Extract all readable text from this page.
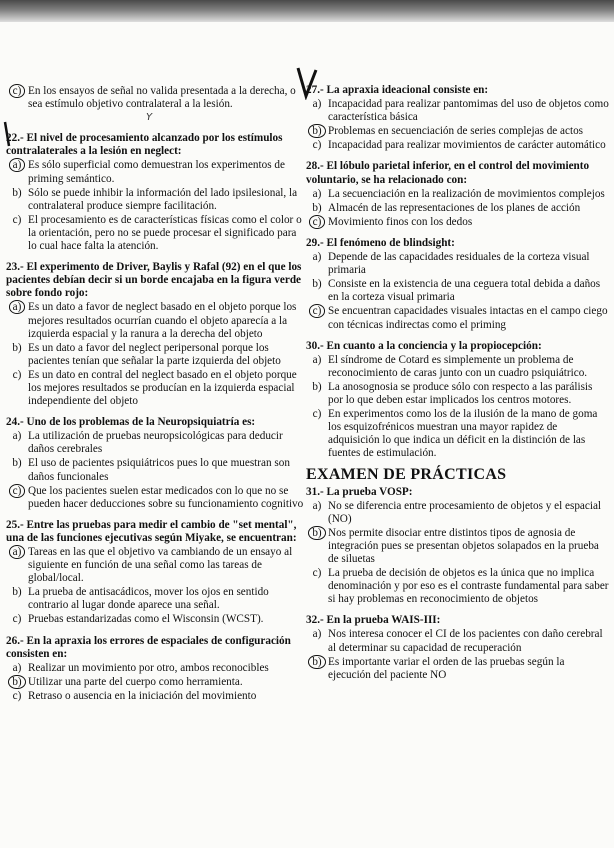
c) En los ensayos de señal no valida presentada a la derecha, o sea estímulo objetivo contralateral a la lesión.
Y
22.- El nivel de procesamiento alcanzado por los estímulos contralaterales a la lesión en neglect:
a) Es sólo superficial como demuestran los experimentos de priming semántico.
b) Sólo se puede inhibir la información del lado ipsilesional, la contralateral produce siempre facilitación.
c) El procesamiento es de características físicas como el color o la orientación, pero no se puede procesar el significado para lo cual hace falta la atención.
23.- El experimento de Driver, Baylis y Rafal (92) en el que los pacientes debían decir si un borde encajaba en la figura verde sobre fondo rojo:
a) Es un dato a favor de neglect basado en el objeto porque los mejores resultados ocurrían cuando el objeto aparecía a la izquierda espacial y la ranura a la derecha del objeto
b) Es un dato a favor del neglect peripersonal porque los pacientes tenían que señalar la parte izquierda del objeto
c) Es un dato en contral del neglect basado en el objeto porque los mejores resultados se producían en la izquierda espacial independiente del objeto
24.- Uno de los problemas de la Neuropsiquiatría es:
a) La utilización de pruebas neuropsicológicas para deducir daños cerebrales
b) El uso de pacientes psiquiátricos pues lo que muestran son daños funcionales
c) Que los pacientes suelen estar medicados con lo que no se pueden hacer deducciones sobre su funcionamiento cognitivo
25.- Entre las pruebas para medir el cambio de "set mental", una de las funciones ejecutivas según Miyake, se encuentran:
a) Tareas en las que el objetivo va cambiando de un ensayo al siguiente en función de una señal como las tareas de global/local.
b) La prueba de antisacádicos, mover los ojos en sentido contrario al lugar donde aparece una señal.
c) Pruebas estandarizadas como el Wisconsin (WCST).
26.- En la apraxia los errores de espaciales de configuración consisten en:
a) Realizar un movimiento por otro, ambos reconocibles
b) Utilizar una parte del cuerpo como herramienta.
c) Retraso o ausencia en la iniciación del movimiento
27.- La apraxia ideacional consiste en:
a) Incapacidad para realizar pantomimas del uso de objetos como característica básica
b) Problemas en secuenciación de series complejas de actos
c) Incapacidad para realizar movimientos de carácter automático
28.- El lóbulo parietal inferior, en el control del movimiento voluntario, se ha relacionado con:
a) La secuenciación en la realización de movimientos complejos
b) Almacén de las representaciones de los planes de acción
c) Movimiento finos con los dedos
29.- El fenómeno de blindsight:
a) Depende de las capacidades residuales de la corteza visual primaria
b) Consiste en la existencia de una ceguera total debida a daños en la corteza visual primaria
c) Se encuentran capacidades visuales intactas en el campo ciego con técnicas indirectas como el priming
30.- En cuanto a la conciencia y la propiocepción:
a) El síndrome de Cotard es simplemente un problema de reconocimiento de caras junto con un cuadro psiquiátrico.
b) La anosognosia se produce sólo con respecto a las parálisis por lo que deben estar implicados los centros motores.
c) En experimentos como los de la ilusión de la mano de goma los esquizofrénicos muestran una mayor rapidez de adquisición lo que indica un déficit en la distinción de las fuentes de estimulación.
EXAMEN DE PRÁCTICAS
31.- La prueba VOSP:
a) No se diferencia entre procesamiento de objetos y el espacial (NO)
b) Nos permite disociar entre distintos tipos de agnosia de integración pues se presentan objetos solapados en la prueba de siluetas
c) La prueba de decisión de objetos es la única que no implica denominación y por eso es el contraste fundamental para saber si hay problemas en reconocimiento de objetos
32.- En la prueba WAIS-III:
a) Nos interesa conocer el CI de los pacientes con daño cerebral al determinar su capacidad de recuperación
b) Es importante variar el orden de las pruebas según la ejecución del paciente NO
